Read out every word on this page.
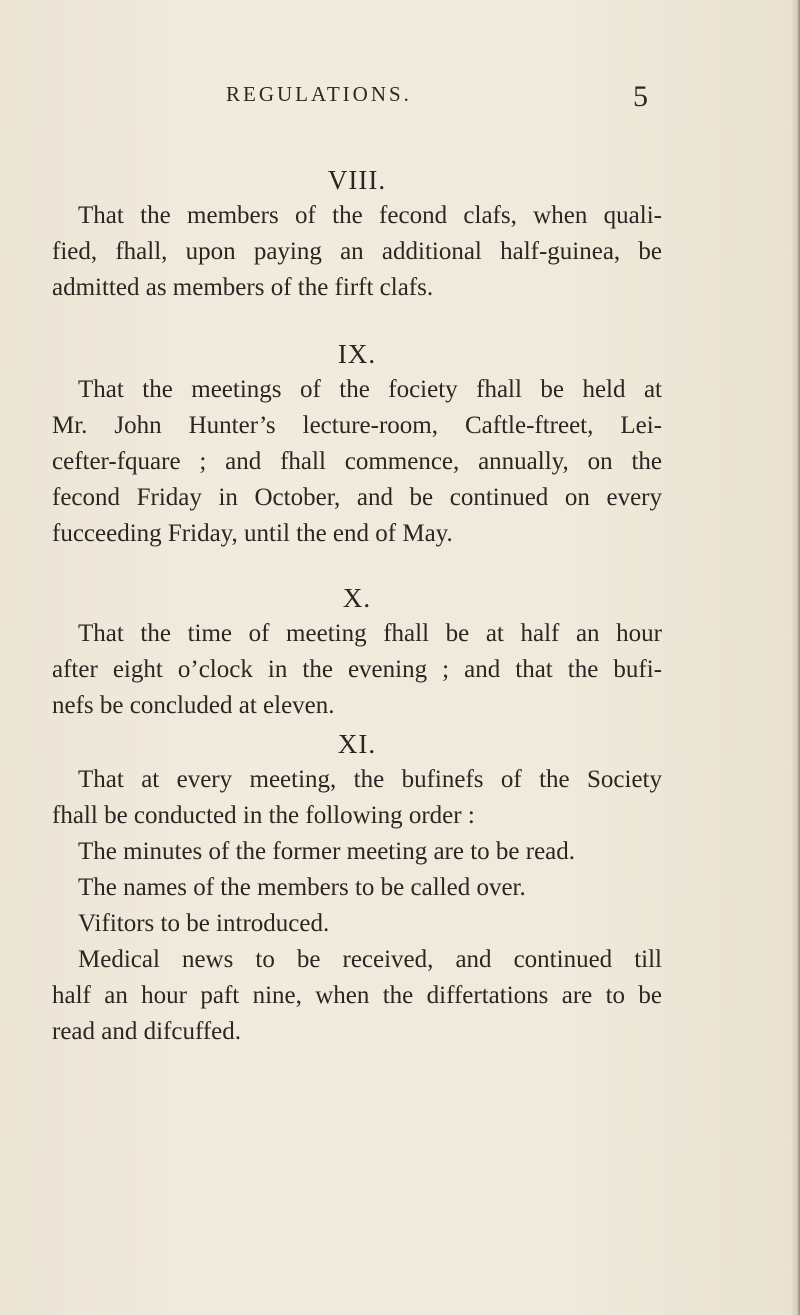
REGULATIONS.	5
VIII.
That the members of the fecond clafs, when quali-
fied, fhall, upon paying an additional half-guinea, be
admitted as members of the firft clafs.
IX.
That the meetings of the fociety fhall be held at
Mr. John Hunter’s lecture-room, Caftle-ftreet, Lei-
cefter-fquare ; and fhall commence, annually, on the
fecond Friday in October, and be continued on every
fucceeding Friday, until the end of May.
X.
That the time of meeting fhall be at half an hour
after eight o’clock in the evening ; and that the bufi-
nefs be concluded at eleven.
XI.
That at every meeting, the bufinefs of the Society
fhall be conducted in the following order :
The minutes of the former meeting are to be read.
The names of the members to be called over.
Vifitors to be introduced.
Medical news to be received, and continued till
half an hour paft nine, when the differtations are to be
read and difcuffed.
